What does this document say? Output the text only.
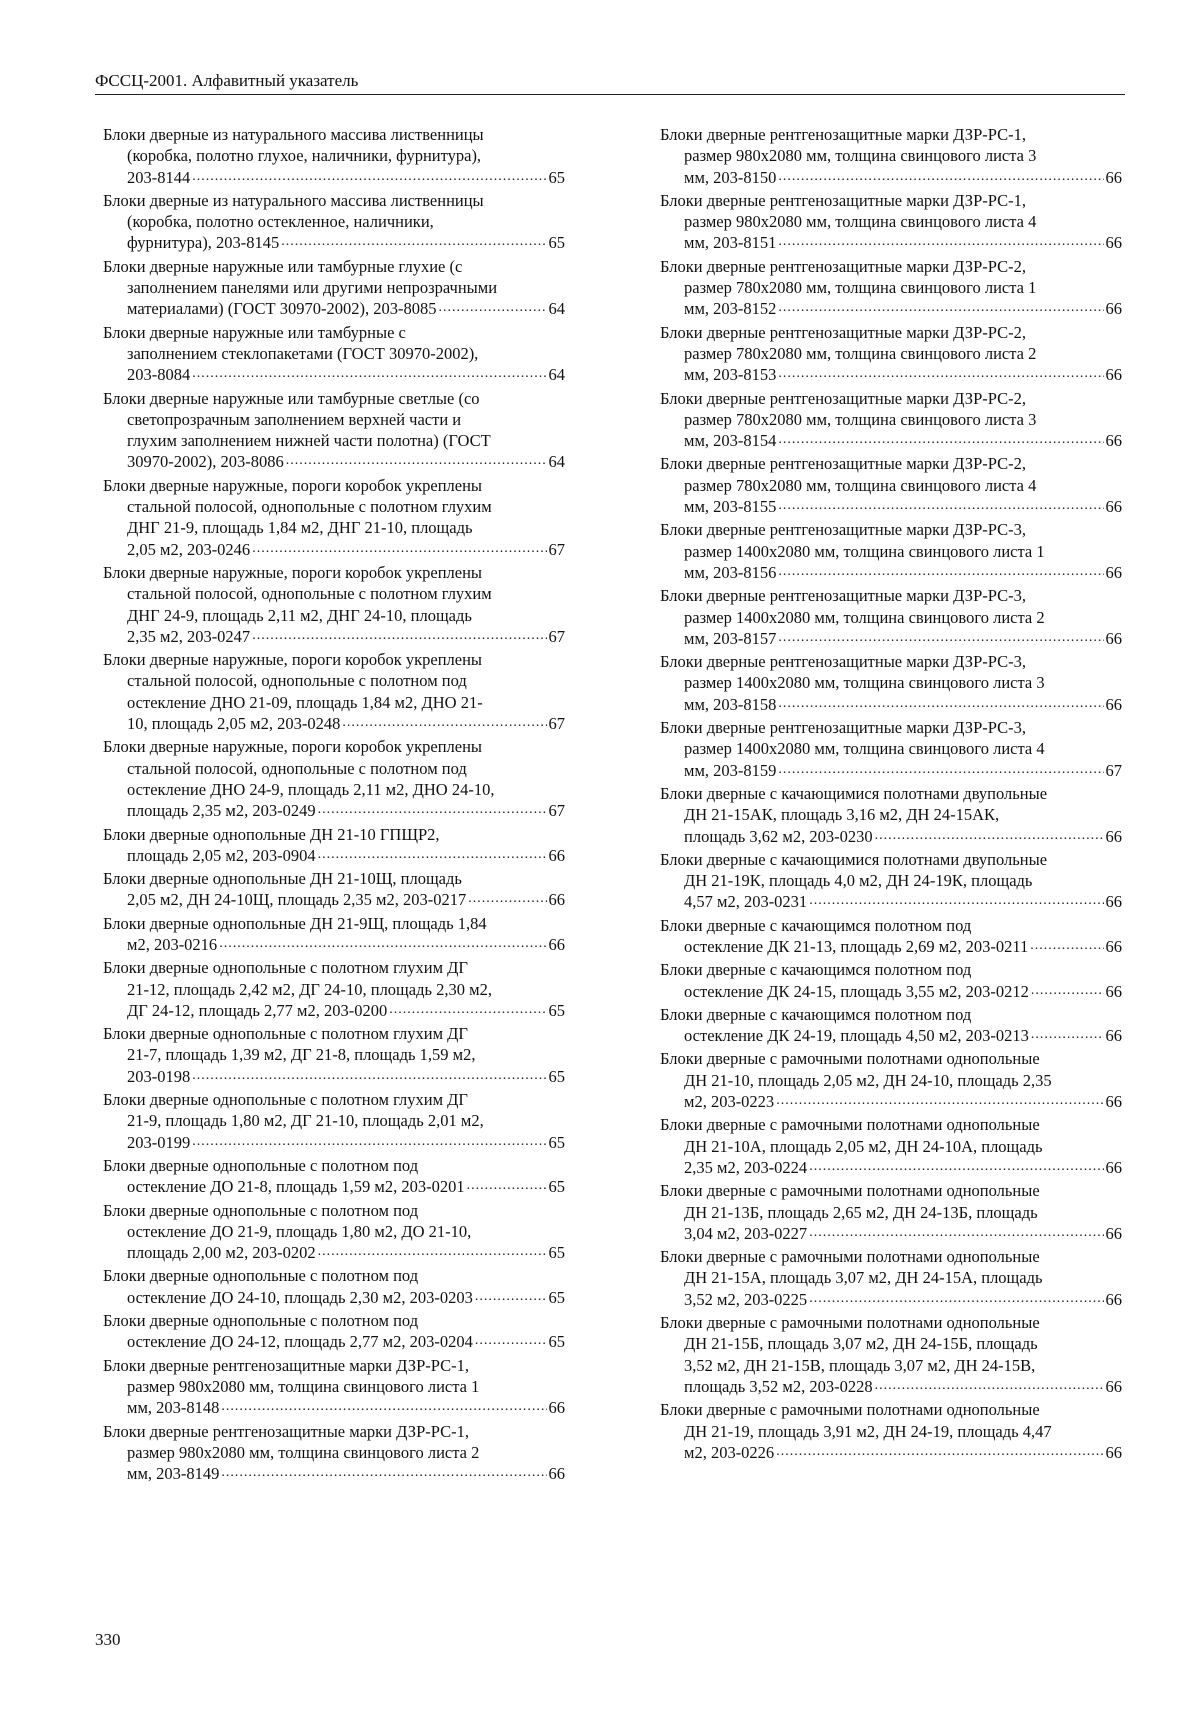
ФССЦ-2001. Алфавитный указатель
Блоки дверные из натурального массива лиственницы
(коробка, полотно глухое, наличники, фурнитура),
203-8144 .....	65
Блоки дверные из натурального массива лиственницы
(коробка, полотно остекленное, наличники,
фурнитура), 203-8145 .....	65
Блоки дверные наружные или тамбурные глухие (с
заполнением панелями или другими непрозрачными
материалами) (ГОСТ 30970-2002), 203-8085 .....	64
Блоки дверные наружные или тамбурные с
заполнением стеклопакетами (ГОСТ 30970-2002),
203-8084 .....	64
Блоки дверные наружные или тамбурные светлые (со
светопрозрачным заполнением верхней части и
глухим заполнением нижней части полотна) (ГОСТ
30970-2002), 203-8086 .....	64
Блоки дверные наружные, пороги коробок укреплены
стальной полосой, однопольные с полотном глухим
ДНГ 21-9, площадь 1,84 м2, ДНГ 21-10, площадь
2,05 м2, 203-0246 .....	67
Блоки дверные наружные, пороги коробок укреплены
стальной полосой, однопольные с полотном глухим
ДНГ 24-9, площадь 2,11 м2, ДНГ 24-10, площадь
2,35 м2, 203-0247 .....	67
Блоки дверные наружные, пороги коробок укреплены
стальной полосой, однопольные с полотном под
остекление ДНО 21-09, площадь 1,84 м2, ДНО 21-
10, площадь 2,05 м2, 203-0248 .....	67
Блоки дверные наружные, пороги коробок укреплены
стальной полосой, однопольные с полотном под
остекление ДНО 24-9, площадь 2,11 м2, ДНО 24-10,
площадь 2,35 м2, 203-0249 .....	67
Блоки дверные однопольные ДН 21-10 ГПЩР2,
площадь 2,05 м2, 203-0904 .....	66
Блоки дверные однопольные ДН 21-10Щ, площадь
2,05 м2, ДН 24-10Щ, площадь 2,35 м2, 203-0217 .....	66
Блоки дверные однопольные ДН 21-9Щ, площадь 1,84
м2, 203-0216 .....	66
Блоки дверные однопольные с полотном глухим ДГ
21-12, площадь 2,42 м2, ДГ 24-10, площадь 2,30 м2,
ДГ 24-12, площадь 2,77 м2, 203-0200 .....	65
Блоки дверные однопольные с полотном глухим ДГ
21-7, площадь 1,39 м2, ДГ 21-8, площадь 1,59 м2,
203-0198 .....	65
Блоки дверные однопольные с полотном глухим ДГ
21-9, площадь 1,80 м2, ДГ 21-10, площадь 2,01 м2,
203-0199 .....	65
Блоки дверные однопольные с полотном под
остекление ДО 21-8, площадь 1,59 м2, 203-0201 .....	65
Блоки дверные однопольные с полотном под
остекление ДО 21-9, площадь 1,80 м2, ДО 21-10,
площадь 2,00 м2, 203-0202 .....	65
Блоки дверные однопольные с полотном под
остекление ДО 24-10, площадь 2,30 м2, 203-0203 .....	65
Блоки дверные однопольные с полотном под
остекление ДО 24-12, площадь 2,77 м2, 203-0204 .....	65
Блоки дверные рентгенозащитные марки ДЗР-РС-1,
размер 980x2080 мм, толщина свинцового листа 1
мм, 203-8148 .....	66
Блоки дверные рентгенозащитные марки ДЗР-РС-1,
размер 980x2080 мм, толщина свинцового листа 2
мм, 203-8149 .....	66
Блоки дверные рентгенозащитные марки ДЗР-РС-1,
размер 980x2080 мм, толщина свинцового листа 3
мм, 203-8150 .....	66
Блоки дверные рентгенозащитные марки ДЗР-РС-1,
размер 980x2080 мм, толщина свинцового листа 4
мм, 203-8151 .....	66
Блоки дверные рентгенозащитные марки ДЗР-РС-2,
размер 780x2080 мм, толщина свинцового листа 1
мм, 203-8152 .....	66
Блоки дверные рентгенозащитные марки ДЗР-РС-2,
размер 780x2080 мм, толщина свинцового листа 2
мм, 203-8153 .....	66
Блоки дверные рентгенозащитные марки ДЗР-РС-2,
размер 780x2080 мм, толщина свинцового листа 3
мм, 203-8154 .....	66
Блоки дверные рентгенозащитные марки ДЗР-РС-2,
размер 780x2080 мм, толщина свинцового листа 4
мм, 203-8155 .....	66
Блоки дверные рентгенозащитные марки ДЗР-РС-3,
размер 1400x2080 мм, толщина свинцового листа 1
мм, 203-8156 .....	66
Блоки дверные рентгенозащитные марки ДЗР-РС-3,
размер 1400x2080 мм, толщина свинцового листа 2
мм, 203-8157 .....	66
Блоки дверные рентгенозащитные марки ДЗР-РС-3,
размер 1400x2080 мм, толщина свинцового листа 3
мм, 203-8158 .....	66
Блоки дверные рентгенозащитные марки ДЗР-РС-3,
размер 1400x2080 мм, толщина свинцового листа 4
мм, 203-8159 .....	67
Блоки дверные с качающимися полотнами двупольные
ДН 21-15АК, площадь 3,16 м2, ДН 24-15АК,
площадь 3,62 м2, 203-0230 .....	66
Блоки дверные с качающимися полотнами двупольные
ДН 21-19К, площадь 4,0 м2, ДН 24-19К, площадь
4,57 м2, 203-0231 .....	66
Блоки дверные с качающимся полотном под
остекление ДК 21-13, площадь 2,69 м2, 203-0211 .....	66
Блоки дверные с качающимся полотном под
остекление ДК 24-15, площадь 3,55 м2, 203-0212 .....	66
Блоки дверные с качающимся полотном под
остекление ДК 24-19, площадь 4,50 м2, 203-0213 .....	66
Блоки дверные с рамочными полотнами однопольные
ДН 21-10, площадь 2,05 м2, ДН 24-10, площадь 2,35
м2, 203-0223 .....	66
Блоки дверные с рамочными полотнами однопольные
ДН 21-10А, площадь 2,05 м2, ДН 24-10А, площадь
2,35 м2, 203-0224 .....	66
Блоки дверные с рамочными полотнами однопольные
ДН 21-13Б, площадь 2,65 м2, ДН 24-13Б, площадь
3,04 м2, 203-0227 .....	66
Блоки дверные с рамочными полотнами однопольные
ДН 21-15А, площадь 3,07 м2, ДН 24-15А, площадь
3,52 м2, 203-0225 .....	66
Блоки дверные с рамочными полотнами однопольные
ДН 21-15Б, площадь 3,07 м2, ДН 24-15Б, площадь
3,52 м2, ДН 21-15В, площадь 3,07 м2, ДН 24-15В,
площадь 3,52 м2, 203-0228 .....	66
Блоки дверные с рамочными полотнами однопольные
ДН 21-19, площадь 3,91 м2, ДН 24-19, площадь 4,47
м2, 203-0226 .....	66
330
